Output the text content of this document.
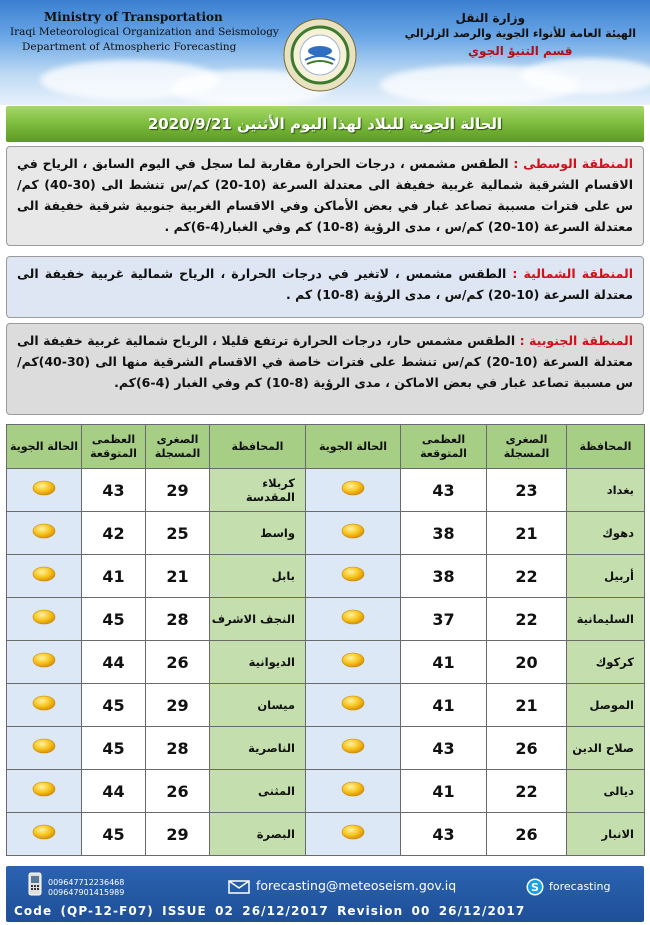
Ministry of Transportation
Iraqi Meteorological Organization and Seismology
Department of Atmospheric Forecasting
وزارة النقل
الهيئة العامة للأنواء الجوية والرصد الزلزالي
قسم التنبؤ الجوي
الحالة الجوية للبلاد لهذا اليوم الأثنين 2020/9/21
المنطقة الوسطى : الطقس مشمس ، درجات الحرارة مقاربة لما سجل في اليوم السابق ، الرياح في الاقسام الشرقية شمالية غربية خفيفة الى معتدلة السرعة (10-20) كم/س تنشط الى (30-40) كم/س على فترات مسببة تصاعد غبار في بعض الأماكن وفي الاقسام الغربية جنوبية شرقية خفيفة الى معتدلة السرعة (10-20) كم/س ، مدى الرؤية (8-10) كم وفي الغبار(4-6)كم .
المنطقة الشمالية : الطقس مشمس ، لاتغير في درجات الحرارة ، الرياح شمالية غربية خفيفة الى معتدلة السرعة (10-20) كم/س ، مدى الرؤية (8-10) كم .
المنطقة الجنوبية : الطقس مشمس حار، درجات الحرارة ترتفع قليلا ، الرياح شمالية غربية خفيفة الى معتدلة السرعة (10-20) كم/س تنشط على فترات خاصة في الاقسام الشرقية منها الى (30-40)كم/س مسببة تصاعد غبار في بعض الاماكن ، مدى الرؤية (8-10) كم وفي الغبار (4-6)كم.
المحافظة	الصغرى المسجلة	العظمى المتوقعة	الحالة الجوية	المحافظة	الصغرى المسجلة	العظمى المتوقعة	الحالة الجوية
بغداد	23	43		كربلاء المقدسة	29	43	
دهوك	21	38		واسط	25	42	
أربيل	22	38		بابل	21	41	
السليمانية	22	37		النجف الاشرف	28	45	
كركوك	20	41		الديوانية	26	44	
الموصل	21	41		ميسان	29	45	
صلاح الدين	26	43		الناصرية	28	45	
ديالى	22	41		المثنى	26	44	
الانبار	26	43		البصرة	29	45	
009647712236468
009647901415989	forecasting@meteoseism.gov.iq	S forecasting
Code (QP-12-F07) ISSUE 02 26/12/2017 Revision 00 26/12/2017
